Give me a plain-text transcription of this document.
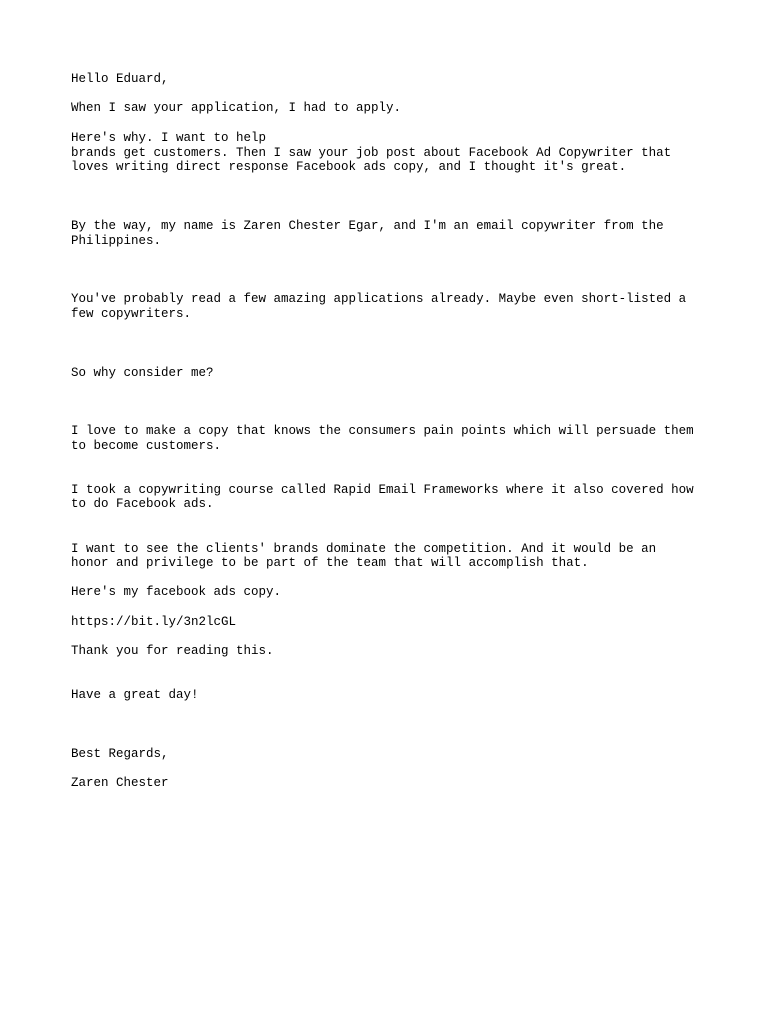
Hello Eduard,

When I saw your application, I had to apply.

Here's why. I want to help

brands get customers. Then I saw your job post about Facebook Ad Copywriter that

loves writing direct response Facebook ads copy, and I thought it's great.

By the way, my name is Zaren Chester Egar, and I'm an email copywriter from the

Philippines.

You've probably read a few amazing applications already. Maybe even short-listed a

few copywriters.

So why consider me?

I love to make a copy that knows the consumers pain points which will persuade them

to become customers.

I took a copywriting course called Rapid Email Frameworks where it also covered how

to do Facebook ads.

I want to see the clients' brands dominate the competition. And it would be an

honor and privilege to be part of the team that will accomplish that.

Here's my facebook ads copy.

https://bit.ly/3n2lcGL

Thank you for reading this.

Have a great day!

Best Regards,

Zaren Chester
